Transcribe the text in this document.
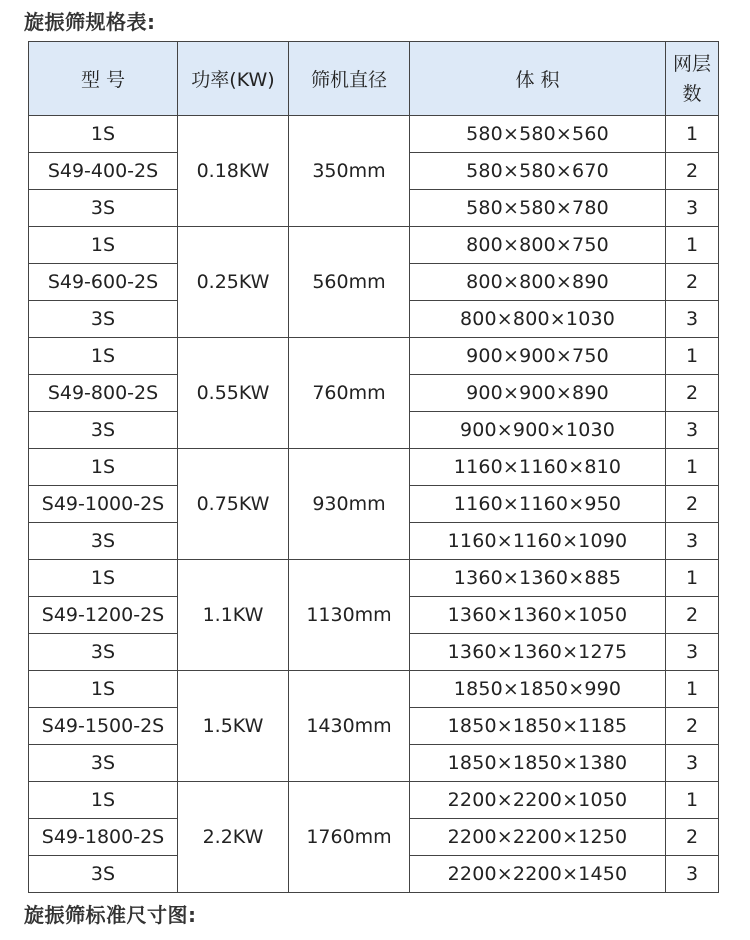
旋振筛规格表:
型 号	功率(KW)	筛机直径	体 积	网层
数
1S	0.18KW	350mm	580×580×560	1
S49-400-2S			580×580×670	2
3S			580×580×780	3
1S	0.25KW	560mm	800×800×750	1
S49-600-2S			800×800×890	2
3S			800×800×1030	3
1S	0.55KW	760mm	900×900×750	1
S49-800-2S			900×900×890	2
3S			900×900×1030	3
1S	0.75KW	930mm	1160×1160×810	1
S49-1000-2S			1160×1160×950	2
3S			1160×1160×1090	3
1S	1.1KW	1130mm	1360×1360×885	1
S49-1200-2S			1360×1360×1050	2
3S			1360×1360×1275	3
1S	1.5KW	1430mm	1850×1850×990	1
S49-1500-2S			1850×1850×1185	2
3S			1850×1850×1380	3
1S	2.2KW	1760mm	2200×2200×1050	1
S49-1800-2S			2200×2200×1250	2
3S			2200×2200×1450	3
旋振筛标准尺寸图:
